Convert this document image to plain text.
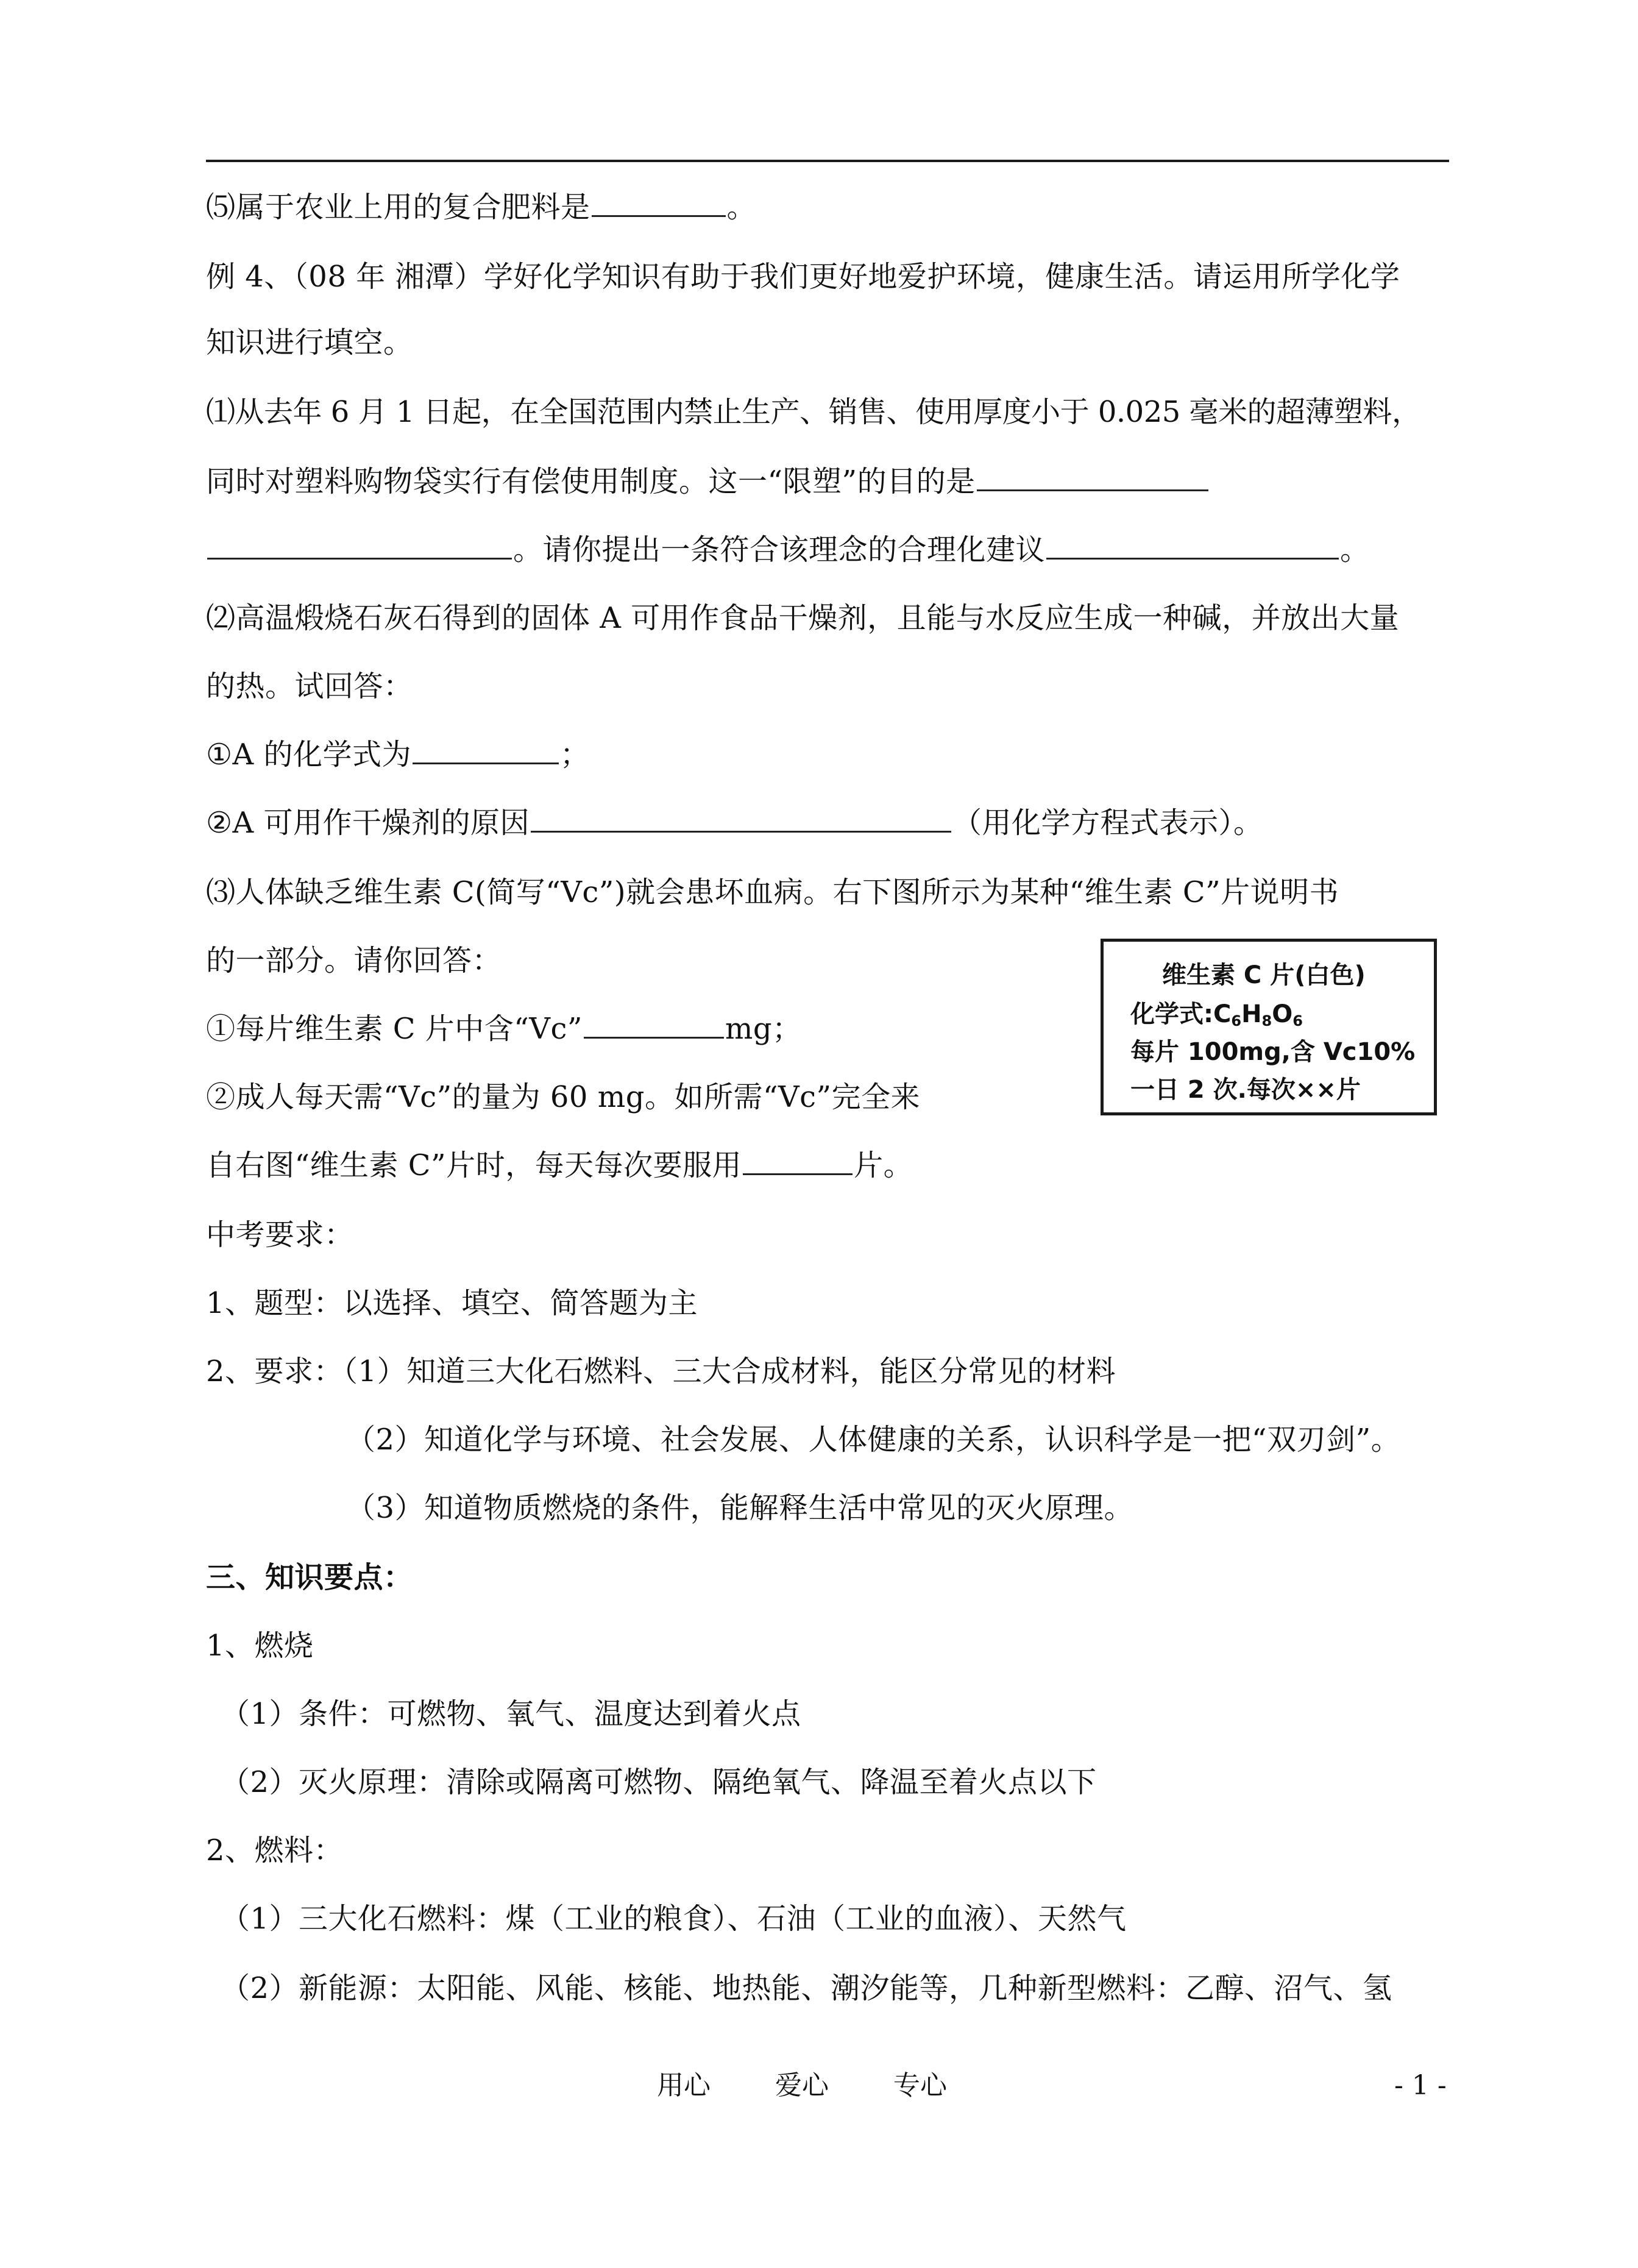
⑸属于农业上用的复合肥料是	。
例 4、（08 年 湘潭）学好化学知识有助于我们更好地爱护环境，健康生活。请运用所学化学
知识进行填空。
⑴从去年 6 月 1 日起，在全国范围内禁止生产、销售、使用厚度小于 0.025 毫米的超薄塑料，
同时对塑料购物袋实行有偿使用制度。这一“限塑”的目的是
。请你提出一条符合该理念的合理化建议	。
⑵高温煅烧石灰石得到的固体 A 可用作食品干燥剂，且能与水反应生成一种碱，并放出大量
的热。试回答：
①A 的化学式为	；
②A 可用作干燥剂的原因	（用化学方程式表示）。
⑶人体缺乏维生素 C(简写“Vc”)就会患坏血病。右下图所示为某种“维生素 C”片说明书
的一部分。请你回答：
①每片维生素 C 片中含“Vc”	mg；
②成人每天需“Vc”的量为 60 mg。如所需“Vc”完全来
自右图“维生素 C”片时，每天每次要服用	片。
中考要求：
1、题型：以选择、填空、简答题为主
2、要求：（1）知道三大化石燃料、三大合成材料，能区分常见的材料
（2）知道化学与环境、社会发展、人体健康的关系，认识科学是一把“双刃剑”。
（3）知道物质燃烧的条件，能解释生活中常见的灭火原理。
三、知识要点：
1、燃烧
（1）条件：可燃物、氧气、温度达到着火点
（2）灭火原理：清除或隔离可燃物、隔绝氧气、降温至着火点以下
2、燃料：
（1）三大化石燃料：煤（工业的粮食）、石油（工业的血液）、天然气
（2）新能源：太阳能、风能、核能、地热能、潮汐能等，几种新型燃料：乙醇、沼气、氢
维生素 C 片(白色)
化学式$:C_6H_8O_6$
每片 100mg,含 Vc10%
一日 2 次.每次××片
用心 爱心 专心	- 1 -
